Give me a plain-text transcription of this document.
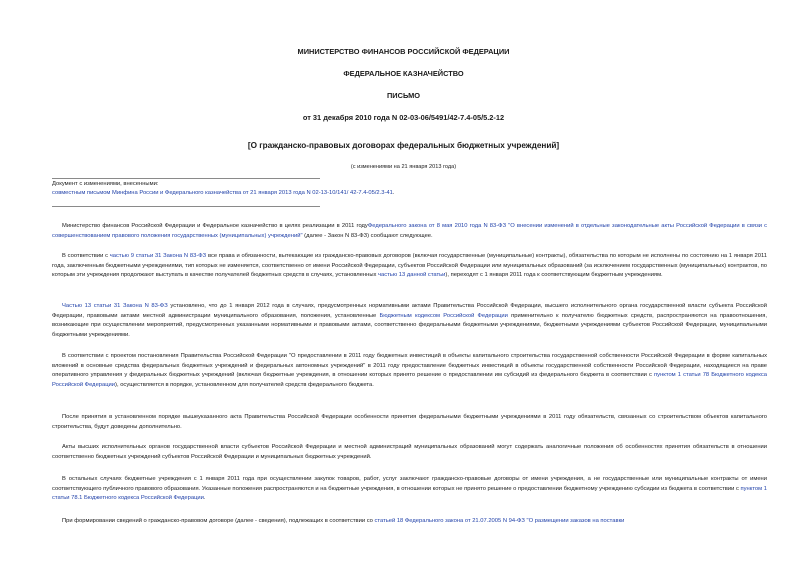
МИНИСТЕРСТВО ФИНАНСОВ РОССИЙСКОЙ ФЕДЕРАЦИИ
ФЕДЕРАЛЬНОЕ КАЗНАЧЕЙСТВО
ПИСЬМО
от 31 декабря 2010 года N 02-03-06/5491/42-7.4-05/5.2-12
[О гражданско-правовых договорах федеральных бюджетных учреждений]
(с изменениями на 21 января 2013 года)
Документ с изменениями, внесенными:
совместным письмом Минфина России и Федерального казначейства от 21 января 2013 года N 02-13-10/141/ 42-7.4-05/2.3-41.
Министерство финансов Российской Федерации и Федеральное казначейство в целях реализации в 2011 годуФедерального закона от 8 мая 2010 года N 83-ФЗ "О внесении изменений в отдельные законодательные акты Российской Федерации в связи с совершенствованием правового положения государственных (муниципальных) учреждений" (далее - Закон N 83-ФЗ) сообщают следующее.
В соответствии с частью 9 статьи 31 Закона N 83-ФЗ все права и обязанности, вытекающие из гражданско-правовых договоров (включая государственные (муниципальные) контракты), обязательства по которым не исполнены по состоянию на 1 января 2011 года, заключенным бюджетными учреждениями, тип которых не изменяется, соответственно от имени Российской Федерации, субъектов Российской Федерации или муниципальных образований (за исключением государственных (муниципальных) контрактов, по которым эти учреждения продолжают выступать в качестве получателей бюджетных средств в случаях, установленных частью 13 данной статьи), переходят с 1 января 2011 года к соответствующим бюджетным учреждениям.
Частью 13 статьи 31 Закона N 83-ФЗ установлено, что до 1 января 2012 года в случаях, предусмотренных нормативными актами Правительства Российской Федерации, высшего исполнительного органа государственной власти субъекта Российской Федерации, правовыми актами местной администрации муниципального образования, положения, установленные Бюджетным кодексом Российской Федерации применительно к получателю бюджетных средств, распространяются на правоотношения, возникающие при осуществлении мероприятий, предусмотренных указанными нормативными и правовыми актами, соответственно федеральными бюджетными учреждениями, бюджетными учреждениями субъектов Российской Федерации, муниципальными бюджетными учреждениями.
В соответствии с проектом постановления Правительства Российской Федерации "О предоставлении в 2011 году бюджетных инвестиций в объекты капитального строительства государственной собственности Российской Федерации в форме капитальных вложений в основные средства федеральных бюджетных учреждений и федеральных автономных учреждений" в 2011 году предоставление бюджетных инвестиций в объекты государственной собственности Российской Федерации, находящиеся на праве оперативного управления у федеральных бюджетных учреждений (включая бюджетные учреждения, в отношении которых принято решение о предоставлении им субсидий из федерального бюджета в соответствии с пунктом 1 статьи 78 Бюджетного кодекса Российской Федерации), осуществляется в порядке, установленном для получателей средств федерального бюджета.
После принятия в установленном порядке вышеуказанного акта Правительства Российской Федерации особенности принятия федеральными бюджетными учреждениями в 2011 году обязательств, связанных со строительством объектов капитального строительства, будут доведены дополнительно.
Акты высших исполнительных органов государственной власти субъектов Российской Федерации и местной администраций муниципальных образований могут содержать аналогичные положения об особенностях принятия обязательств в отношении соответственно бюджетных учреждений субъектов Российской Федерации и муниципальных бюджетных учреждений.
В остальных случаях бюджетные учреждения с 1 января 2011 года при осуществлении закупок товаров, работ, услуг заключают гражданско-правовые договоры от имени учреждения, а не государственные или муниципальные контракты от имени соответствующего публичного правового образования. Указанные положения распространяются и на бюджетные учреждения, в отношении которых не принято решение о предоставлении бюджетному учреждению субсидии из бюджета в соответствии с пунктом 1 статьи 78.1 Бюджетного кодекса Российской Федерации.
При формировании сведений о гражданско-правовом договоре (далее - сведения), подлежащих в соответствии со статьей 18 Федерального закона от 21.07.2005 N 94-ФЗ "О размещении заказов на поставки
